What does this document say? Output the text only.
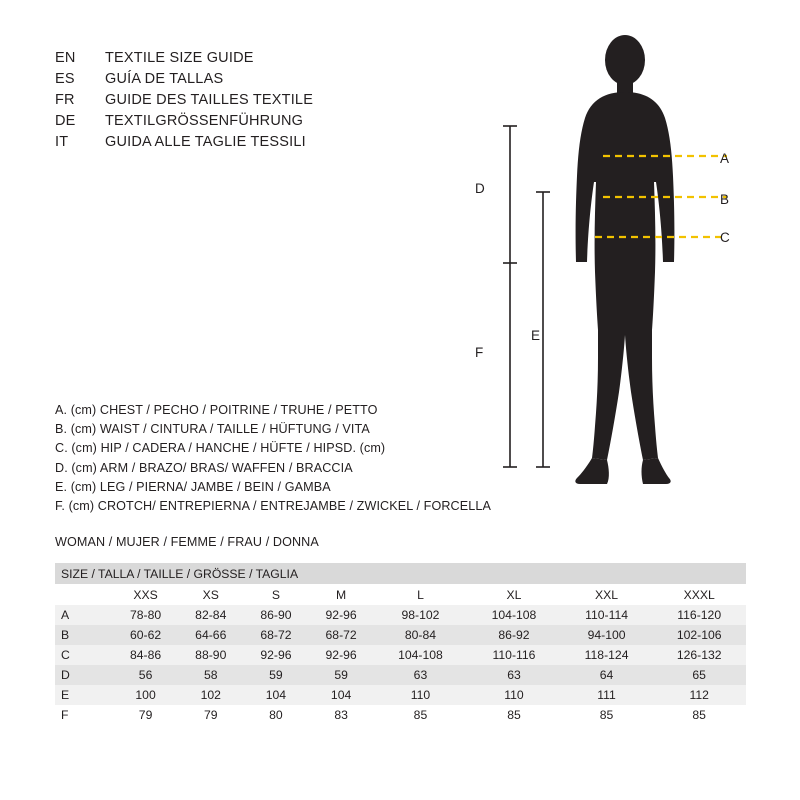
EN	TEXTILE SIZE GUIDE
ES	GUÍA DE TALLAS
FR	GUIDE DES TAILLES TEXTILE
DE	TEXTILGRÖSSENFÜHRUNG
IT	GUIDA ALLE TAGLIE TESSILI
A
B
C
D
F
E
A. (cm) CHEST / PECHO / POITRINE / TRUHE / PETTO
B. (cm) WAIST / CINTURA / TAILLE / HÜFTUNG / VITA
C. (cm) HIP / CADERA / HANCHE / HÜFTE / HIPSD. (cm)
D. (cm) ARM / BRAZO/ BRAS/ WAFFEN / BRACCIA
E. (cm) LEG / PIERNA/ JAMBE / BEIN / GAMBA
F. (cm) CROTCH/ ENTREPIERNA / ENTREJAMBE / ZWICKEL / FORCELLA
WOMAN / MUJER / FEMME / FRAU / DONNA
SIZE / TALLA / TAILLE / GRÖSSE / TAGLIA								
	XXS	XS	S	M	L	XL	XXL	XXXL
A	78-80	82-84	86-90	92-96	98-102	104-108	110-114	116-120
B	60-62	64-66	68-72	68-72	80-84	86-92	94-100	102-106
C	84-86	88-90	92-96	92-96	104-108	110-116	118-124	126-132
D	56	58	59	59	63	63	64	65
E	100	102	104	104	110	110	111	112
F	79	79	80	83	85	85	85	85
